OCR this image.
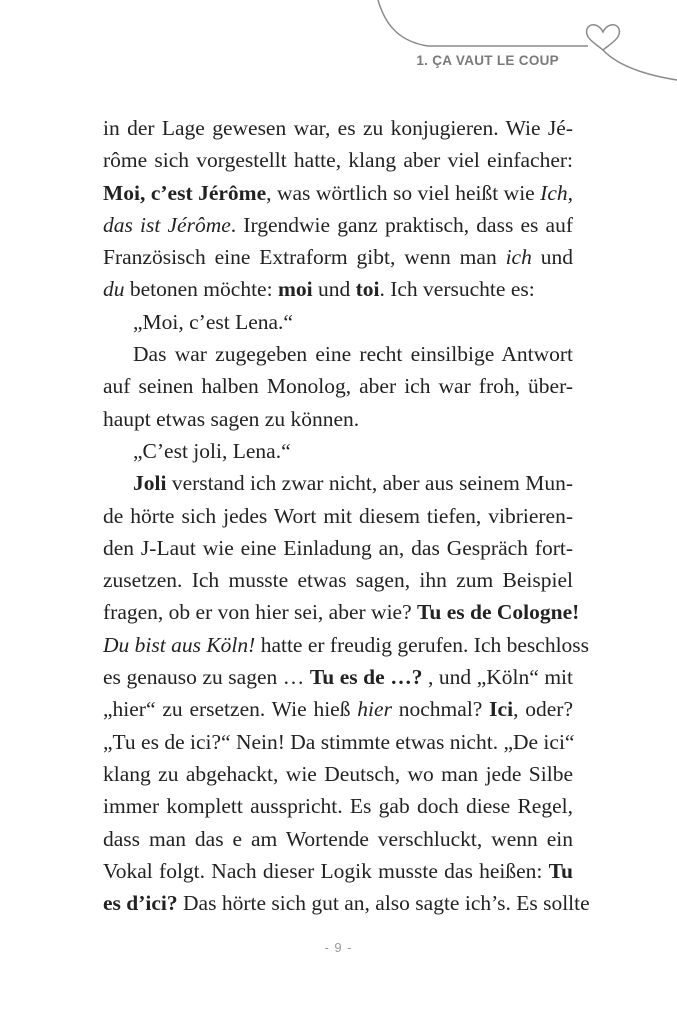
1. ÇA VAUT LE COUP
in der Lage gewesen war, es zu konjugieren. Wie Jé-
rôme sich vorgestellt hatte, klang aber viel einfacher:
Moi, c’est Jérôme, was wörtlich so viel heißt wie Ich,
das ist Jérôme. Irgendwie ganz praktisch, dass es auf
Französisch eine Extraform gibt, wenn man ich und
du betonen möchte: moi und toi. Ich versuchte es:
„Moi, c’est Lena.“
Das war zugegeben eine recht einsilbige Antwort
auf seinen halben Monolog, aber ich war froh, über-
haupt etwas sagen zu können.
„C’est joli, Lena.“
Joli verstand ich zwar nicht, aber aus seinem Mun-
de hörte sich jedes Wort mit diesem tiefen, vibrieren-
den J-Laut wie eine Einladung an, das Gespräch fort-
zusetzen. Ich musste etwas sagen, ihn zum Beispiel
fragen, ob er von hier sei, aber wie? Tu es de Cologne!
Du bist aus Köln! hatte er freudig gerufen. Ich beschloss
es genauso zu sagen … Tu es de …? , und „Köln“ mit
„hier“ zu ersetzen. Wie hieß hier nochmal? Ici, oder?
„Tu es de ici?“ Nein! Da stimmte etwas nicht. „De ici“
klang zu abgehackt, wie Deutsch, wo man jede Silbe
immer komplett ausspricht. Es gab doch diese Regel,
dass man das e am Wortende verschluckt, wenn ein
Vokal folgt. Nach dieser Logik musste das heißen: Tu
es d’ici? Das hörte sich gut an, also sagte ich’s. Es sollte
- 9 -
